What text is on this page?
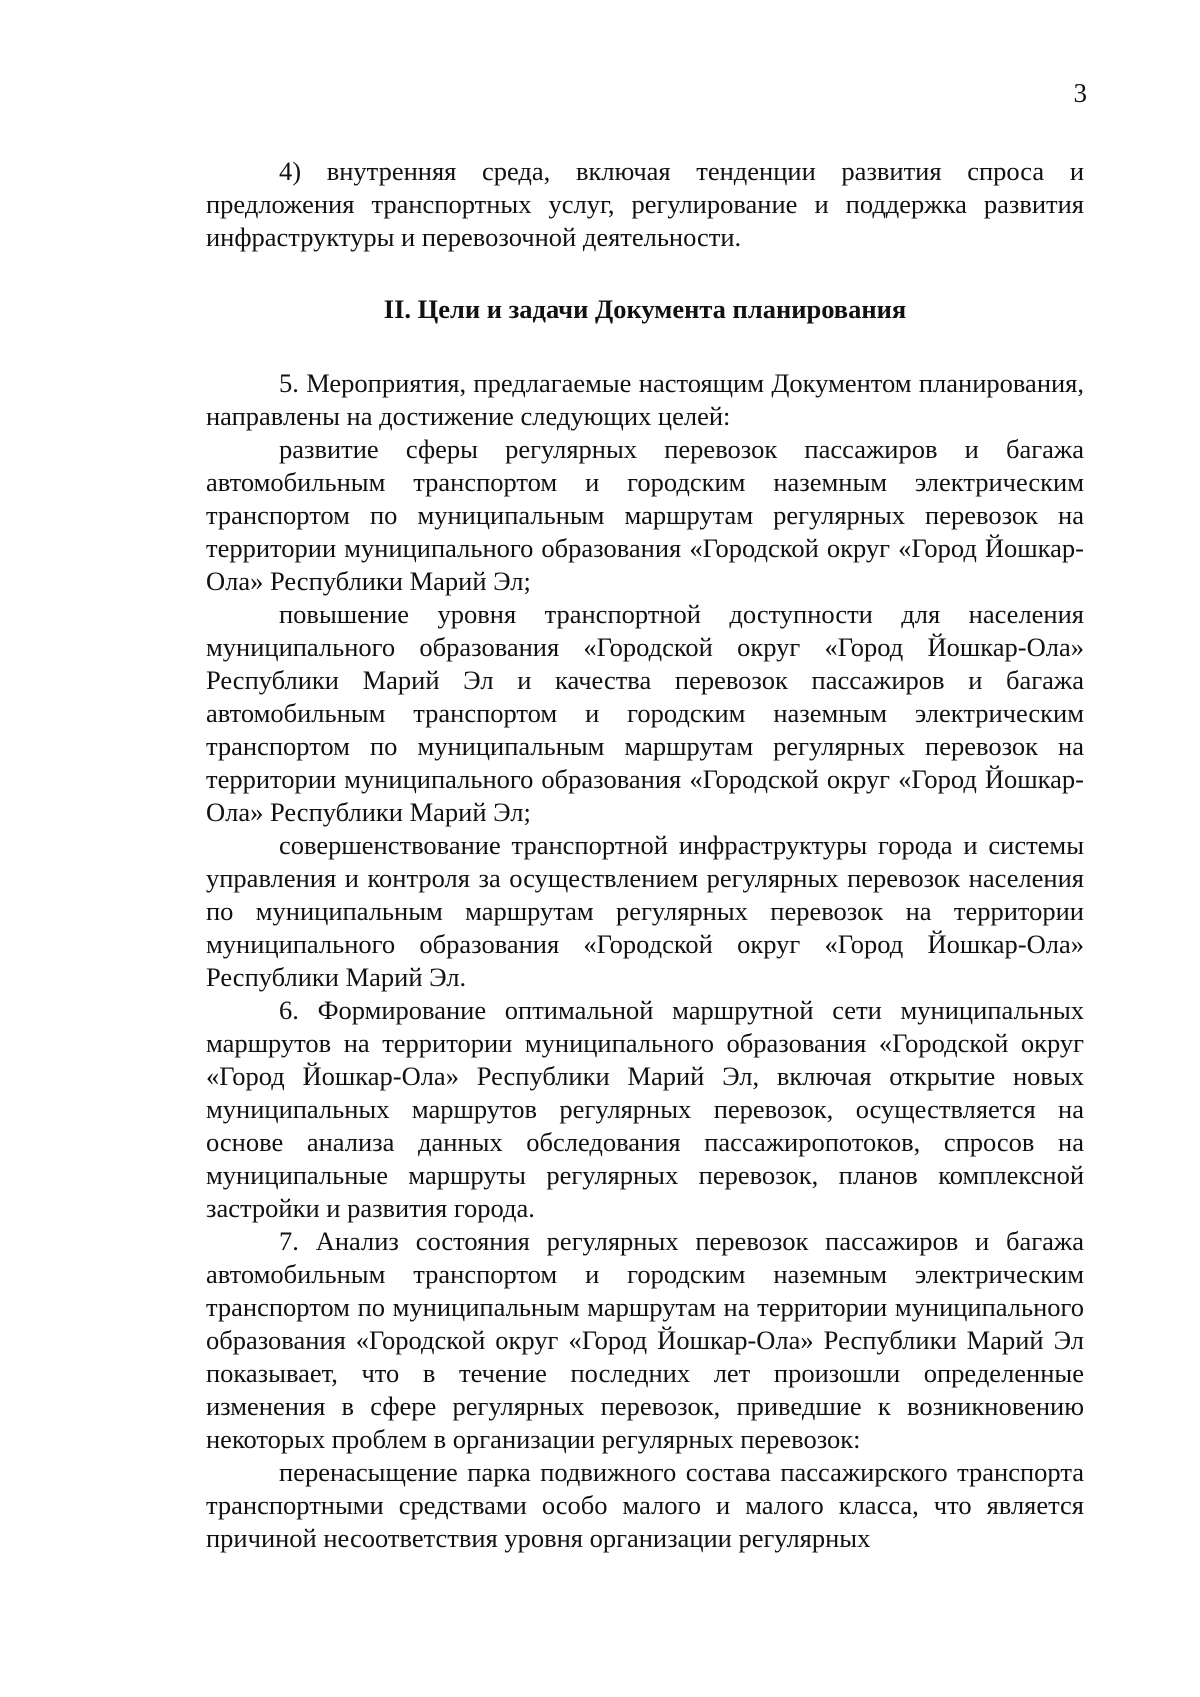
3

4) внутренняя среда, включая тенденции развития спроса и предложения транспортных услуг, регулирование и поддержка развития инфраструктуры и перевозочной деятельности.

II. Цели и задачи Документа планирования

5. Мероприятия, предлагаемые настоящим Документом планирования, направлены на достижение следующих целей:

развитие сферы регулярных перевозок пассажиров и багажа автомобильным транспортом и городским наземным электрическим транспортом по муниципальным маршрутам регулярных перевозок на территории муниципального образования «Городской округ «Город Йошкар-Ола» Республики Марий Эл;

повышение уровня транспортной доступности для населения муниципального образования «Городской округ «Город Йошкар-Ола» Республики Марий Эл и качества перевозок пассажиров и багажа автомобильным транспортом и городским наземным электрическим транспортом по муниципальным маршрутам регулярных перевозок на территории муниципального образования «Городской округ «Город Йошкар-Ола» Республики Марий Эл;

совершенствование транспортной инфраструктуры города и системы управления и контроля за осуществлением регулярных перевозок населения по муниципальным маршрутам регулярных перевозок на территории муниципального образования «Городской округ «Город Йошкар-Ола» Республики Марий Эл.

6. Формирование оптимальной маршрутной сети муниципальных маршрутов на территории муниципального образования «Городской округ «Город Йошкар-Ола» Республики Марий Эл, включая открытие новых муниципальных маршрутов регулярных перевозок, осуществляется на основе анализа данных обследования пассажиропотоков, спросов на муниципальные маршруты регулярных перевозок, планов комплексной застройки и развития города.

7. Анализ состояния регулярных перевозок пассажиров и багажа автомобильным транспортом и городским наземным электрическим транспортом по муниципальным маршрутам на территории муниципального образования «Городской округ «Город Йошкар-Ола» Республики Марий Эл показывает, что в течение последних лет произошли определенные изменения в сфере регулярных перевозок, приведшие к возникновению некоторых проблем в организации регулярных перевозок:

перенасыщение парка подвижного состава пассажирского транспорта транспортными средствами особо малого и малого класса, что является причиной несоответствия уровня организации регулярных
